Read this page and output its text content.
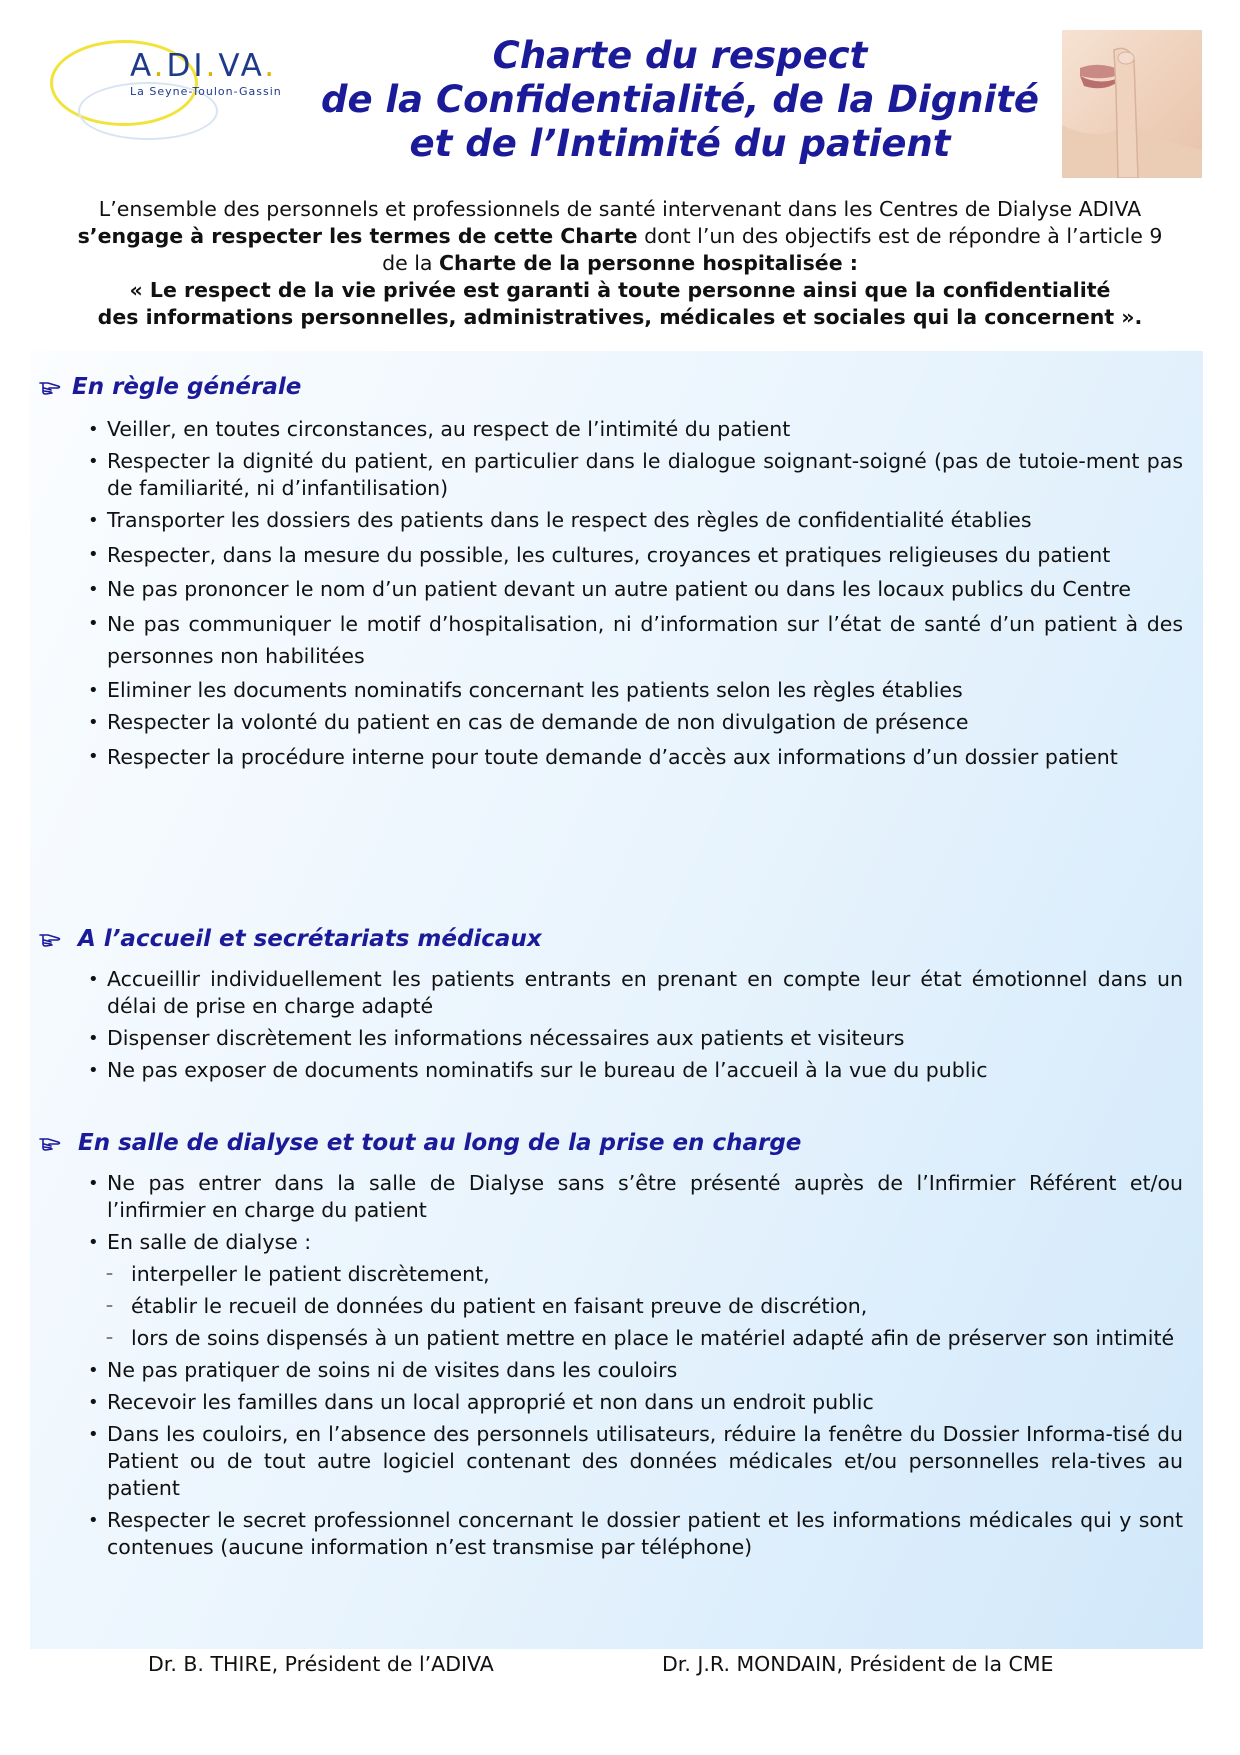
A.DI.VA.
La Seyne-Toulon-Gassin
Charte du respect
de la Confidentialité, de la Dignité
et de l’Intimité du patient

L’ensemble des personnels et professionnels de santé intervenant dans les Centres de Dialyse ADIVA
s’engage à respecter les termes de cette Charte dont l’un des objectifs est de répondre à l’article 9
de la Charte de la personne hospitalisée :
« Le respect de la vie privée est garanti à toute personne ainsi que la confidentialité
des informations personnelles, administratives, médicales et sociales qui la concernent ».

En règle générale
• Veiller, en toutes circonstances, au respect de l’intimité du patient
• Respecter la dignité du patient, en particulier dans le dialogue soignant-soigné (pas de tutoie-ment pas de familiarité, ni d’infantilisation)
• Transporter les dossiers des patients dans le respect des règles de confidentialité établies
• Respecter, dans la mesure du possible, les cultures, croyances et pratiques religieuses du patient
• Ne pas prononcer le nom d’un patient devant un autre patient ou dans les locaux publics du Centre
• Ne pas communiquer le motif d’hospitalisation, ni d’information sur l’état de santé d’un patient à des personnes non habilitées
• Eliminer les documents nominatifs concernant les patients selon les règles établies
• Respecter la volonté du patient en cas de demande de non divulgation de présence
• Respecter la procédure interne pour toute demande d’accès aux informations d’un dossier patient
A l’accueil et secrétariats médicaux
• Accueillir individuellement les patients entrants en prenant en compte leur état émotionnel dans un délai de prise en charge adapté
• Dispenser discrètement les informations nécessaires aux patients et visiteurs
• Ne pas exposer de documents nominatifs sur le bureau de l’accueil à la vue du public
En salle de dialyse et tout au long de la prise en charge
• Ne pas entrer dans la salle de Dialyse sans s’être présenté auprès de l’Infirmier Référent et/ou l’infirmier en charge du patient
• En salle de dialyse :
– interpeller le patient discrètement,
– établir le recueil de données du patient en faisant preuve de discrétion,
– lors de soins dispensés à un patient mettre en place le matériel adapté afin de préserver son intimité
• Ne pas pratiquer de soins ni de visites dans les couloirs
• Recevoir les familles dans un local approprié et non dans un endroit public
• Dans les couloirs, en l’absence des personnels utilisateurs, réduire la fenêtre du Dossier Informa-tisé du Patient ou de tout autre logiciel contenant des données médicales et/ou personnelles rela-tives au patient
• Respecter le secret professionnel concernant le dossier patient et les informations médicales qui y sont contenues (aucune information n’est transmise par téléphone)
Dr. B. THIRE, Président de l’ADIVA	Dr. J.R. MONDAIN, Président de la CME
